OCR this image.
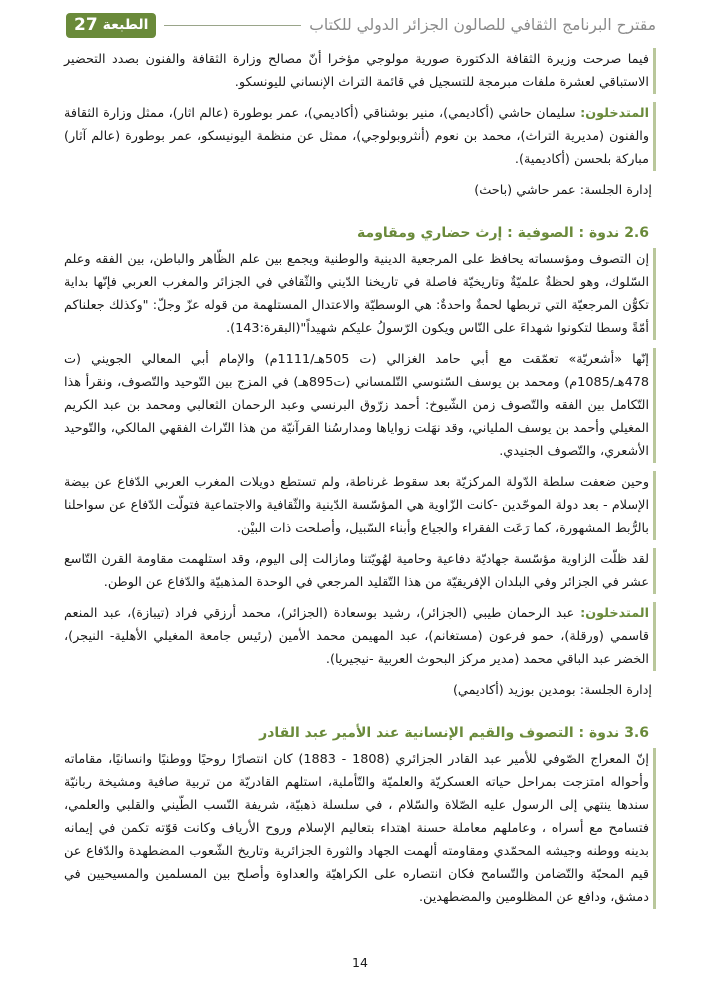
مقترح البرنامج الثقافي للصالون الجزائر الدولي للكتاب
الطبعة
27
فيما صرحت وزيرة الثقافة الدكتورة صورية مولوجي مؤخرا أنّ مصالح وزارة الثقافة والفنون بصدد التحضير الاستباقي لعشرة ملفات مبرمجة للتسجيل في قائمة التراث الإنساني لليونسكو.
المتدخلون: سليمان حاشي (أكاديمي)، منير بوشناقي (أكاديمي)، عمر بوطورة (عالم اثار)، ممثل وزارة الثقافة والفنون (مديرية التراث)، محمد بن نعوم (أنثروبولوجي)، ممثل عن منظمة اليونيسكو، عمر بوطورة (عالم آثار) مباركة بلحسن (أكاديمية).
إدارة الجلسة: عمر حاشي (باحث)
2.6 ندوة : الصوفية : إرث حضاري ومقاومة
إن التصوف ومؤسساته يحافظ على المرجعية الدينية والوطنية ويجمع بين علم الظّاهر والباطن، بين الفقه وعلم السّلوك، وهو لحظةٌ علميّةٌ وتاريخيّة فاصلة في تاريخنا الدّيني والثّقافي في الجزائر والمغرب العربي فإنّها بداية تكوُّن المرجعيّة التي تربطها لحمةٌ واحدةٌ: هي الوسطيّة والاعتدال المستلهمة من قوله عزّ وجلّ: "وكذلك جعلناكم أمّةً وسطا لتكونوا شهداءَ على النّاس ويكون الرّسولُ عليكم شهيداً"(البقرة:143).
إنّها «أشعريّة» تعمّقت مع أبي حامد الغزالي (ت 505هـ/1111م) والإمام أبي المعالي الجويني (ت 478هـ/1085م) ومحمد بن يوسف السّنوسي التّلمساني (ت895هـ) في المزج بين التّوحيد والتّصوف، ونقرأ هذا التّكامل بين الفقه والتّصوف زمن الشّيوخ: أحمد زرّوق البرنسي وعبد الرحمان الثعالبي ومحمد بن عبد الكريم المغيلي وأحمد بن يوسف الملياني، وقد نهَلت زواياها ومدارسُنا القرآنيّة من هذا التّراث الفقهي المالكي، والتّوحيد الأشعري، والتّصوف الجنيدي.
وحين ضعفت سلطة الدّولة المركزيّة بعد سقوط غرناطة، ولم تستطع دويلات المغرب العربي الدّفاع عن بيضة الإسلام - بعد دولة الموحّدين -كانت الزّاوية هي المؤسّسة الدّينية والثّقافية والاجتماعية فتولّت الدّفاع عن سواحلنا بالرُّبط المشهورة، كما رَعَت الفقراء والجياع وأبناء السّبيل، وأصلحت ذات البيْن.
لقد ظلّت الزاوية مؤسّسة جهاديّة دفاعية وحامية لهُويّتنا ومازالت إلى اليوم، وقد استلهمت مقاومة القرن التّاسع عشر في الجزائر وفي البلدان الإفريقيّة من هذا التّقليد المرجعي في الوحدة المذهبيّة والدّفاع عن الوطن.
المتدخلون: عبد الرحمان طيبي (الجزائر)، رشيد بوسعادة (الجزائر)، محمد أرزقي فراد (تيبازة)، عبد المنعم قاسمي (ورقلة)، حمو فرعون (مستغانم)، عبد المهيمن محمد الأمين (رئيس جامعة المغيلي الأهلية- النيجر)، الخضر عبد الباقي محمد (مدير مركز البحوث العربية -نيجيريا).
إدارة الجلسة: بومدين بوزيد (أكاديمي)
3.6 ندوة : التصوف والقيم الإنسانية عند الأمير عبد القادر
إنّ المعراج الصّوفي للأمير عبد القادر الجزائري (1808 - 1883) كان انتصارًا روحيًا ووطنيًا وانسانيًا، مقاماته وأحواله امتزجت بمراحل حياته العسكريّة والعلميّة والتّأملية، استلهم القادريّة من تربية صافية ومشيخة ربانيّة سندها ينتهي إلى الرسول عليه الصّلاة والسّلام ، في سلسلة ذهبيّة، شريفة النّسب الطّيني والقلبي والعلمي، فتسامح مع أسراه ، وعاملهم معاملة حسنة اهتداء بتعاليم الإسلام وروح الأرياف وكانت قوّته تكمن في إيمانه بدينه ووطنه وجيشه المحمّدي ومقاومته ألهمت الجهاد والثورة الجزائرية وتاريخ الشّعوب المضطهدة والدّفاع عن قيم المحبّة والتّضامن والتّسامح فكان انتصاره على الكراهيّة والعداوة وأصلح بين المسلمين والمسيحيين في دمشق، ودافع عن المظلومين والمضطهدين.
14
